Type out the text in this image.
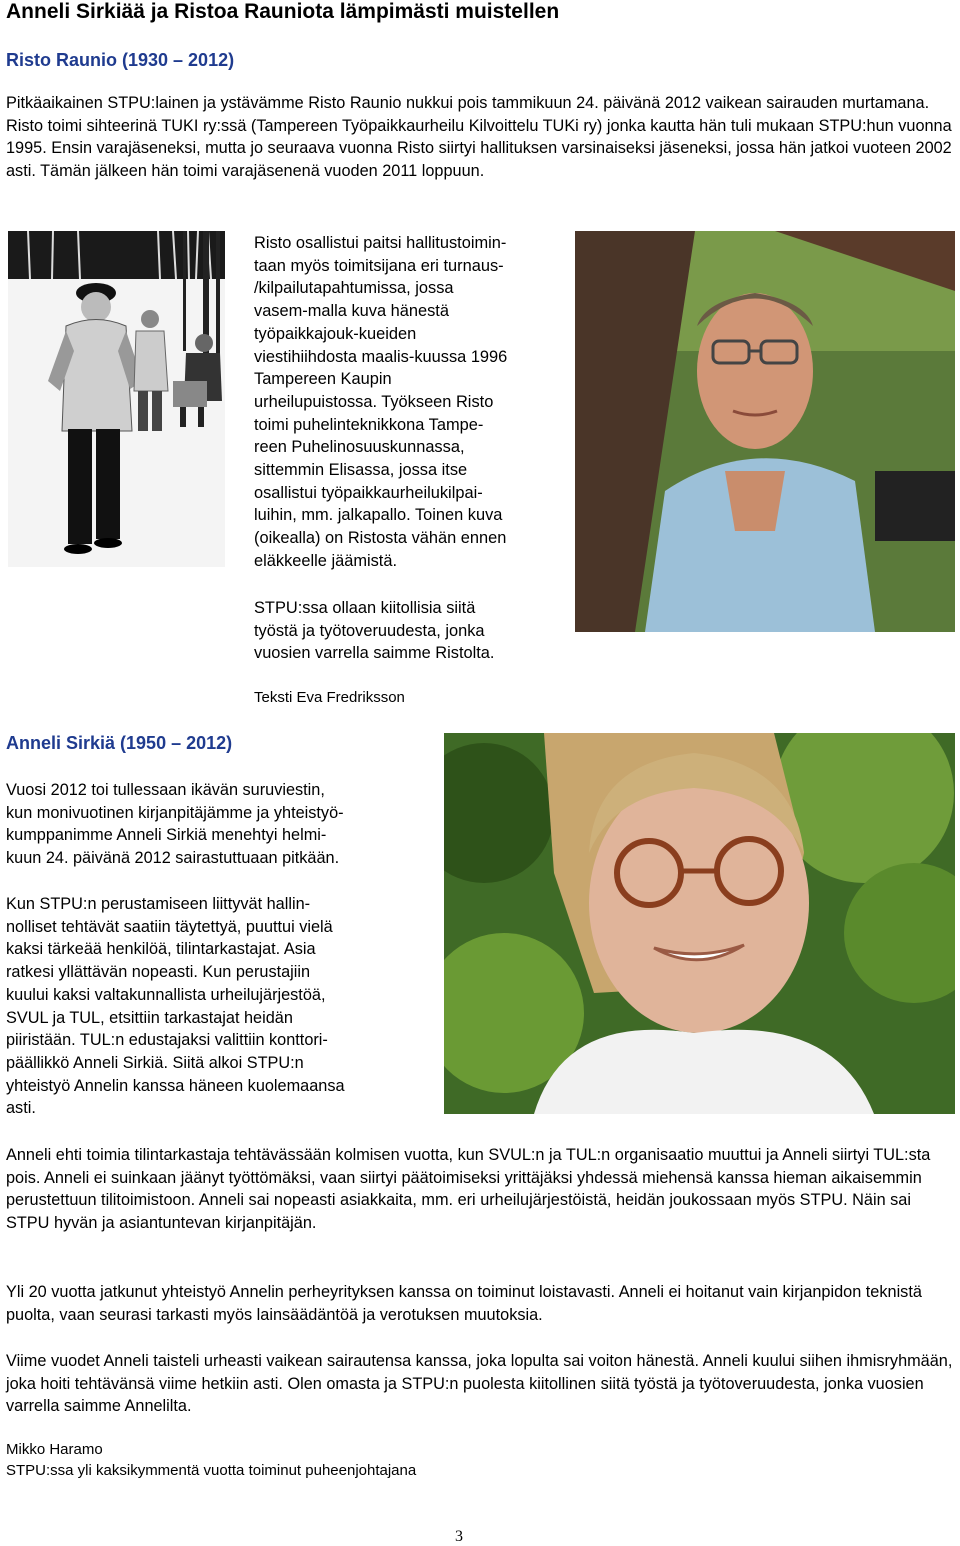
Anneli Sirkiää ja Ristoa Rauniota lämpimästi muistellen
Risto Raunio (1930 – 2012)

Pitkäaikainen STPU:lainen ja ystävämme Risto Raunio nukkui pois tammikuun 24. päivänä 2012 vaikean sairauden murtamana. Risto toimi sihteerinä TUKI ry:ssä (Tampereen Työpaikkaurheilu Kilvoittelu TUKi ry) jonka kautta hän tuli mukaan STPU:hun vuonna 1995. Ensin varajäseneksi, mutta jo seuraava vuonna Risto siirtyi hallituksen varsinaiseksi jäseneksi, jossa hän jatkoi vuoteen 2002 asti. Tämän jälkeen hän toimi varajäsenenä vuoden 2011 loppuun.

Risto osallistui paitsi hallitustoimin-
taan myös toimitsijana eri turnaus-
/kilpailutapahtumissa, jossa
vasem-malla kuva hänestä
työpaikkajouk-kueiden
viestihiihdosta maalis-kuussa 1996
Tampereen Kaupin
urheilupuistossa. Työkseen Risto
toimi puhelinteknikkona Tampe-
reen Puhelinosuuskunnassa,
sittemmin Elisassa, jossa itse
osallistui työpaikkaurheilukilpai-
luihin, mm. jalkapallo. Toinen kuva
(oikealla) on Ristosta vähän ennen
eläkkeelle jäämistä.
STPU:ssa ollaan kiitollisia siitä
työstä ja työtoveruudesta, jonka
vuosien varrella saimme Ristolta.
Teksti Eva Fredriksson
Anneli Sirkiä (1950 – 2012)
Vuosi 2012 toi tullessaan ikävän suruviestin,
kun monivuotinen kirjanpitäjämme ja yhteistyö-
kumppanimme Anneli Sirkiä menehtyi helmi-
kuun 24. päivänä 2012 sairastuttuaan pitkään.
Kun STPU:n perustamiseen liittyvät hallin-
nolliset tehtävät saatiin täytettyä, puuttui vielä
kaksi tärkeää henkilöä, tilintarkastajat. Asia
ratkesi yllättävän nopeasti. Kun perustajiin
kuului kaksi valtakunnallista urheilujärjestöä,
SVUL ja TUL, etsittiin tarkastajat heidän
piiristään. TUL:n edustajaksi valittiin konttori-
päällikkö Anneli Sirkiä. Siitä alkoi STPU:n
yhteistyö Annelin kanssa häneen kuolemaansa
asti.

Anneli ehti toimia tilintarkastaja tehtävässään kolmisen vuotta, kun SVUL:n ja TUL:n organisaatio muuttui ja Anneli siirtyi TUL:sta pois. Anneli ei suinkaan jäänyt työttömäksi, vaan siirtyi päätoimiseksi yrittäjäksi yhdessä miehensä kanssa hieman aikaisemmin perustettuun tilitoimistoon. Anneli sai nopeasti asiakkaita, mm. eri urheilujärjestöistä, heidän joukossaan myös STPU. Näin sai STPU hyvän ja asiantuntevan kirjanpitäjän.

Yli 20 vuotta jatkunut yhteistyö Annelin perheyrityksen kanssa on toiminut loistavasti. Anneli ei hoitanut vain kirjanpidon teknistä puolta, vaan seurasi tarkasti myös lainsäädäntöä ja verotuksen muutoksia.

Viime vuodet Anneli taisteli urheasti vaikean sairautensa kanssa, joka lopulta sai voiton hänestä. Anneli kuului siihen ihmisryhmään, joka hoiti tehtävänsä viime hetkiin asti. Olen omasta ja STPU:n puolesta kiitollinen siitä työstä ja työtoveruudesta, jonka vuosien varrella saimme Annelilta.

Mikko Haramo
STPU:ssa yli kaksikymmentä vuotta toiminut puheenjohtajana
3
